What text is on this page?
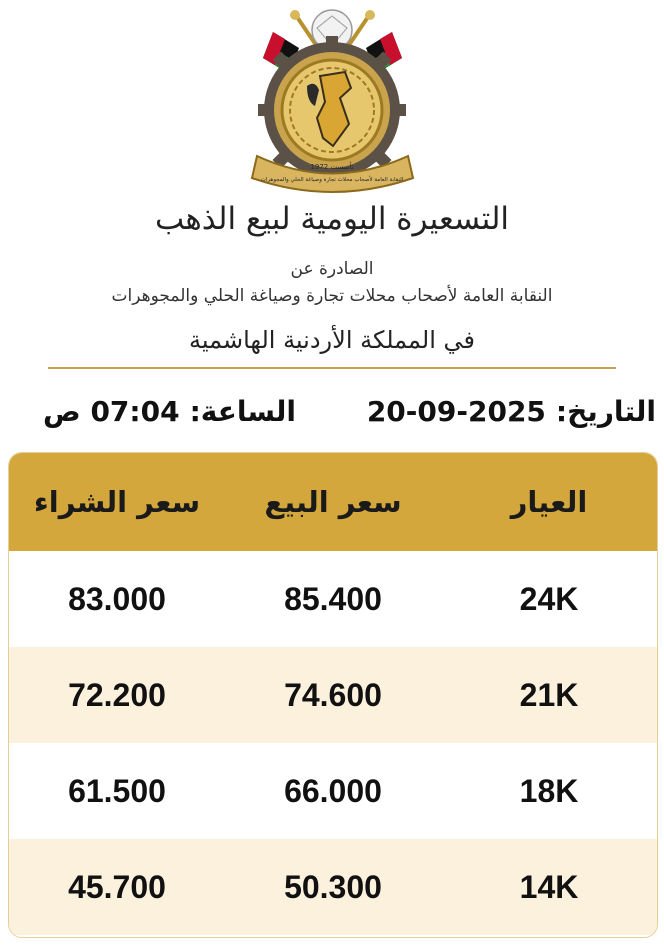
تأسست 1972
النقابة العامة لأصحاب محلات تجارة وصياغة الحلي والمجوهرات
التسعيرة اليومية لبيع الذهب
الصادرة عن
النقابة العامة لأصحاب محلات تجارة وصياغة الحلي والمجوهرات
في المملكة الأردنية الهاشمية
التاريخ:20-09-2025
الساعة:07:04 ص
العيار
سعر البيع
سعر الشراء
24K
85.400
83.000
21K
74.600
72.200
18K
66.000
61.500
14K
50.300
45.700
